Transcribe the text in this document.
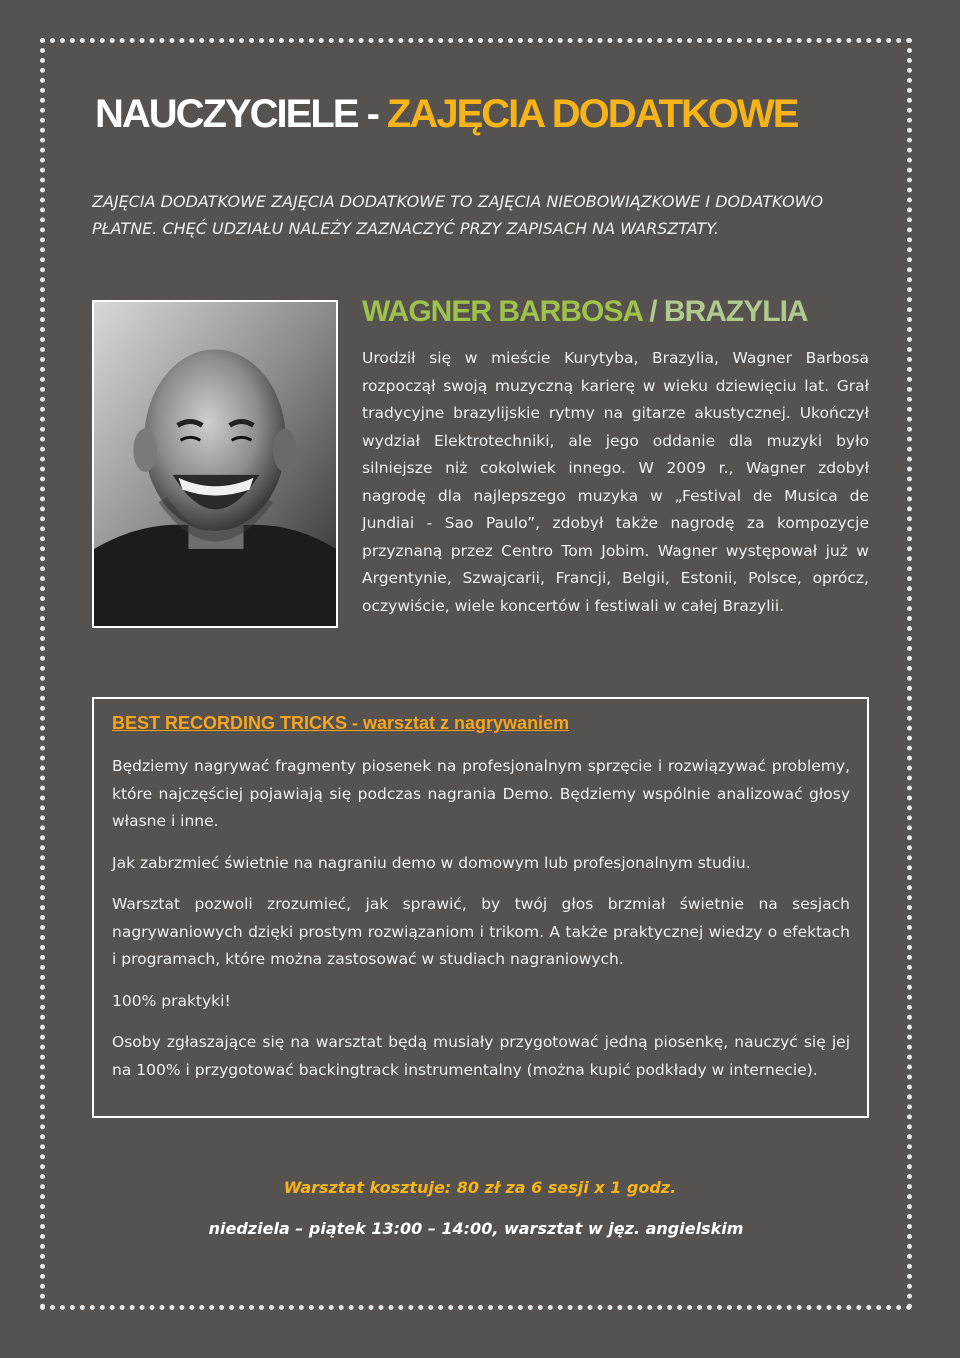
NAUCZYCIELE - ZAJĘCIA DODATKOWE

ZAJĘCIA DODATKOWE ZAJĘCIA DODATKOWE TO ZAJĘCIA NIEOBOWIĄZKOWE I DODATKOWO PŁATNE. CHĘĆ UDZIAŁU NALEŻY ZAZNACZYĆ PRZY ZAPISACH NA WARSZTATY.

WAGNER BARBOSA / BRAZYLIA

Urodził się w mieście Kurytyba, Brazylia, Wagner Barbosa rozpoczął swoją muzyczną karierę w wieku dziewięciu lat. Grał tradycyjne brazylijskie rytmy na gitarze akustycznej. Ukończył wydział Elektrotechniki, ale jego oddanie dla muzyki było silniejsze niż cokolwiek innego. W 2009 r., Wagner zdobył nagrodę dla najlepszego muzyka w „Festival de Musica de Jundiai - Sao Paulo”, zdobył także nagrodę za kompozycje przyznaną przez Centro Tom Jobim. Wagner występował już w Argentynie, Szwajcarii, Francji, Belgii, Estonii, Polsce, oprócz, oczywiście, wiele koncertów i festiwali w całej Brazylii.

BEST RECORDING TRICKS - warsztat z nagrywaniem

Będziemy nagrywać fragmenty piosenek na profesjonalnym sprzęcie i rozwiązywać problemy, które najczęściej pojawiają się podczas nagrania Demo. Będziemy wspólnie analizować głosy własne i inne.

Jak zabrzmieć świetnie na nagraniu demo w domowym lub profesjonalnym studiu.

Warsztat pozwoli zrozumieć, jak sprawić, by twój głos brzmiał świetnie na sesjach nagrywaniowych dzięki prostym rozwiązaniom i trikom. A także praktycznej wiedzy o efektach i programach, które można zastosować w studiach nagraniowych.

100% praktyki!

Osoby zgłaszające się na warsztat będą musiały przygotować jedną piosenkę, nauczyć się jej na 100% i przygotować backingtrack instrumentalny (można kupić podkłady w internecie).

Warsztat kosztuje: 80 zł za 6 sesji x 1 godz.

niedziela – piątek 13:00 – 14:00, warsztat w jęz. angielskim
